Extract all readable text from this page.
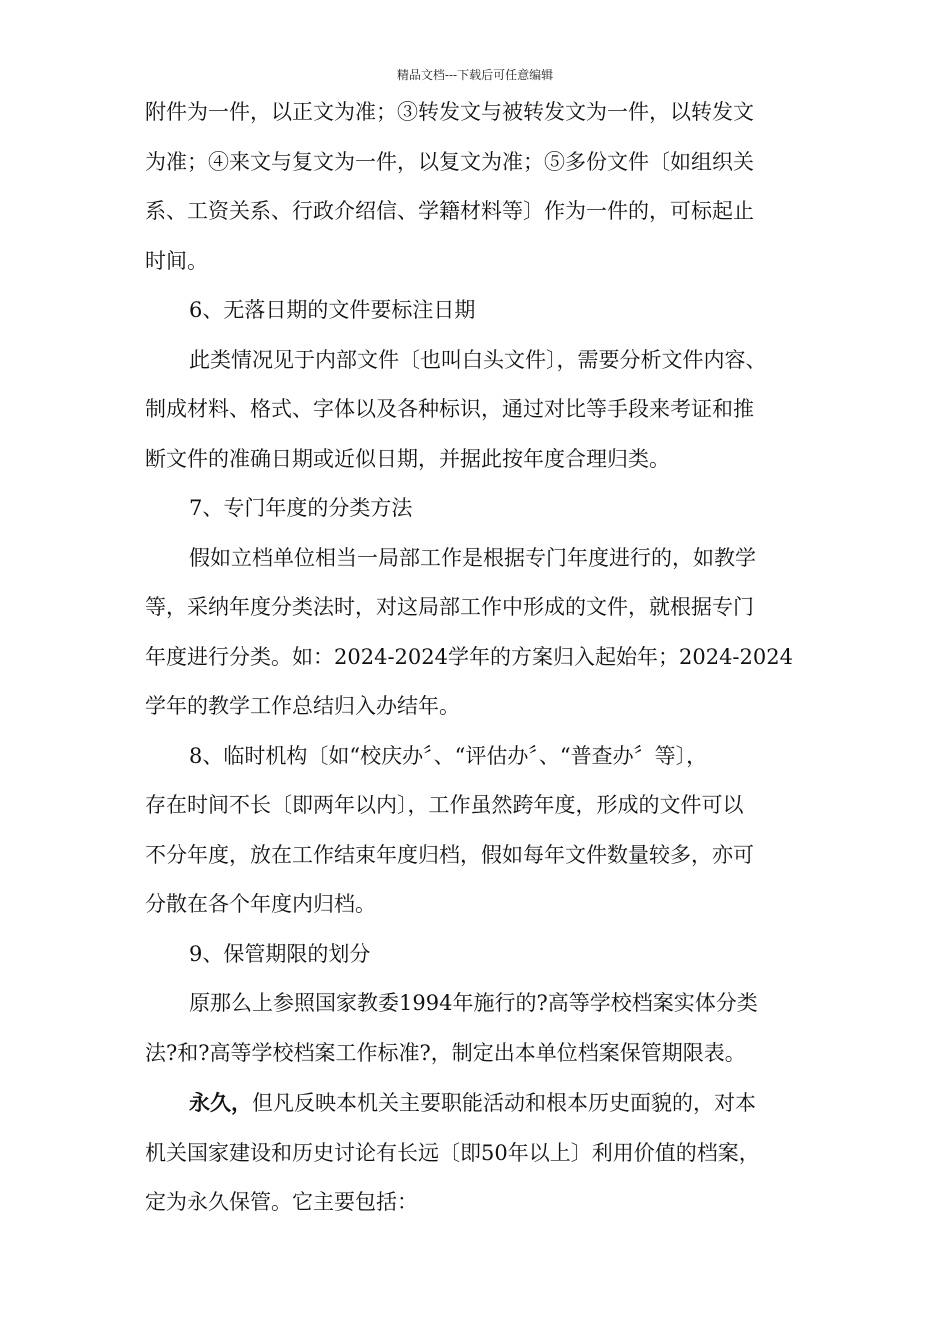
精品文档---下载后可任意编辑

附件为一件，以正文为准；③转发文与被转发文为一件，以转发文
为准；④来文与复文为一件，以复文为准；⑤多份文件〔如组织关
系、工资关系、行政介绍信、学籍材料等〕作为一件的，可标起止
时间。

6、无落日期的文件要标注日期

此类情况见于内部文件〔也叫白头文件〕，需要分析文件内容、
制成材料、格式、字体以及各种标识，通过对比等手段来考证和推
断文件的准确日期或近似日期，并据此按年度合理归类。

7、专门年度的分类方法

假如立档单位相当一局部工作是根据专门年度进行的，如教学
等，采纳年度分类法时，对这局部工作中形成的文件，就根据专门
年度进行分类。如：2024-2024学年的方案归入起始年；2024-2024
学年的教学工作总结归入办结年。

8、临时机构〔如“校庆办〞、“评估办〞、“普查办〞等〕，
存在时间不长〔即两年以内〕，工作虽然跨年度，形成的文件可以
不分年度，放在工作结束年度归档，假如每年文件数量较多，亦可
分散在各个年度内归档。

9、保管期限的划分

原那么上参照国家教委1994年施行的?高等学校档案实体分类
法?和?高等学校档案工作标准?，制定出本单位档案保管期限表。

永久，但凡反映本机关主要职能活动和根本历史面貌的，对本
机关国家建设和历史讨论有长远〔即50年以上〕利用价值的档案，
定为永久保管。它主要包括：
